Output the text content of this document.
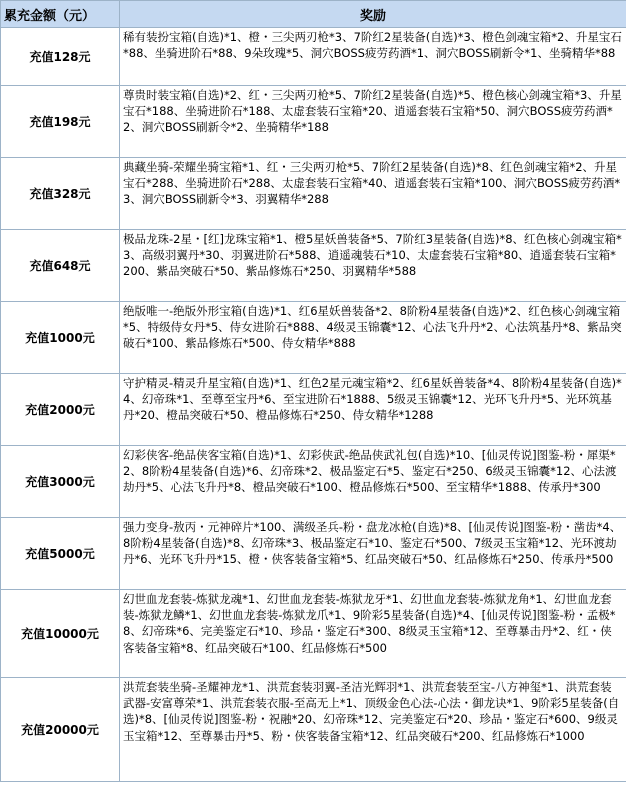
累充金额（元）	奖励
充值128元	稀有装扮宝箱(自选)*1、橙・三尖两刃枪*3、7阶红2星装备(自选)*3、橙色剑魂宝箱*2、升星宝石*88、坐骑进阶石*88、9朵玫瑰*5、洞穴BOSS疲劳药酒*1、洞穴BOSS刷新令*1、坐骑精华*88
充值198元	尊贵时装宝箱(自选)*2、红・三尖两刃枪*5、7阶红2星装备(自选)*5、橙色核心剑魂宝箱*3、升星宝石*188、坐骑进阶石*188、太虚套装石宝箱*20、逍遥套装石宝箱*50、洞穴BOSS疲劳药酒*2、洞穴BOSS刷新令*2、坐骑精华*188
充值328元	典藏坐骑-荣耀坐骑宝箱*1、红・三尖两刃枪*5、7阶红2星装备(自选)*8、红色剑魂宝箱*2、升星宝石*288、坐骑进阶石*288、太虚套装石宝箱*40、逍遥套装石宝箱*100、洞穴BOSS疲劳药酒*3、洞穴BOSS刷新令*3、羽翼精华*288
充值648元	极品龙珠-2星・[红]龙珠宝箱*1、橙5星妖兽装备*5、7阶红3星装备(自选)*8、红色核心剑魂宝箱*3、高级羽翼丹*30、羽翼进阶石*588、逍遥魂装石*10、太虚套装石宝箱*80、逍遥套装石宝箱*200、紫品突破石*50、紫品修炼石*250、羽翼精华*588
充值1000元	绝版唯一-绝版外形宝箱(自选)*1、红6星妖兽装备*2、8阶粉4星装备(自选)*2、红色核心剑魂宝箱*5、特级侍女丹*5、侍女进阶石*888、4级灵玉锦囊*12、心法飞升丹*2、心法筑基丹*8、紫品突破石*100、紫品修炼石*500、侍女精华*888
充值2000元	守护精灵-精灵升星宝箱(自选)*1、红色2星元魂宝箱*2、红6星妖兽装备*4、8阶粉4星装备(自选)*4、幻帝珠*1、至尊至宝丹*6、至宝进阶石*1888、5级灵玉锦囊*12、光环飞升丹*5、光环筑基丹*20、橙品突破石*50、橙品修炼石*250、侍女精华*1288
充值3000元	幻彩侠客-绝品侠客宝箱(自选)*1、幻彩侠武-绝品侠武礼包(自选)*10、[仙灵传说]图鉴-粉・犀渠*2、8阶粉4星装备(自选)*6、幻帝珠*2、极品鉴定石*5、鉴定石*250、6级灵玉锦囊*12、心法渡劫丹*5、心法飞升丹*8、橙品突破石*100、橙品修炼石*500、至宝精华*1888、传承丹*300
充值5000元	强力变身-敖丙・元神碎片*100、满级圣兵-粉・盘龙冰枪(自选)*8、[仙灵传说]图鉴-粉・凿齿*4、8阶粉4星装备(自选)*8、幻帝珠*3、极品鉴定石*10、鉴定石*500、7级灵玉宝箱*12、光环渡劫丹*6、光环飞升丹*15、橙・侠客装备宝箱*5、红品突破石*50、红品修炼石*250、传承丹*500
充值10000元	幻世血龙套装-炼狱龙魂*1、幻世血龙套装-炼狱龙牙*1、幻世血龙套装-炼狱龙角*1、幻世血龙套装-炼狱龙鳞*1、幻世血龙套装-炼狱龙爪*1、9阶彩5星装备(自选)*4、[仙灵传说]图鉴-粉・孟极*8、幻帝珠*6、完美鉴定石*10、珍品・鉴定石*300、8级灵玉宝箱*12、至尊暴击丹*2、红・侠客装备宝箱*8、红品突破石*100、红品修炼石*500
充值20000元	洪荒套装坐骑-圣耀神龙*1、洪荒套装羽翼-圣洁光辉羽*1、洪荒套装至宝-八方神玺*1、洪荒套装武器-安富尊荣*1、洪荒套装衣服-至高无上*1、顶级金色心法-心法・御龙诀*1、9阶彩5星装备(自选)*8、[仙灵传说]图鉴-粉・祝融*20、幻帝珠*12、完美鉴定石*20、珍品・鉴定石*600、9级灵玉宝箱*12、至尊暴击丹*5、粉・侠客装备宝箱*12、红品突破石*200、红品修炼石*1000
